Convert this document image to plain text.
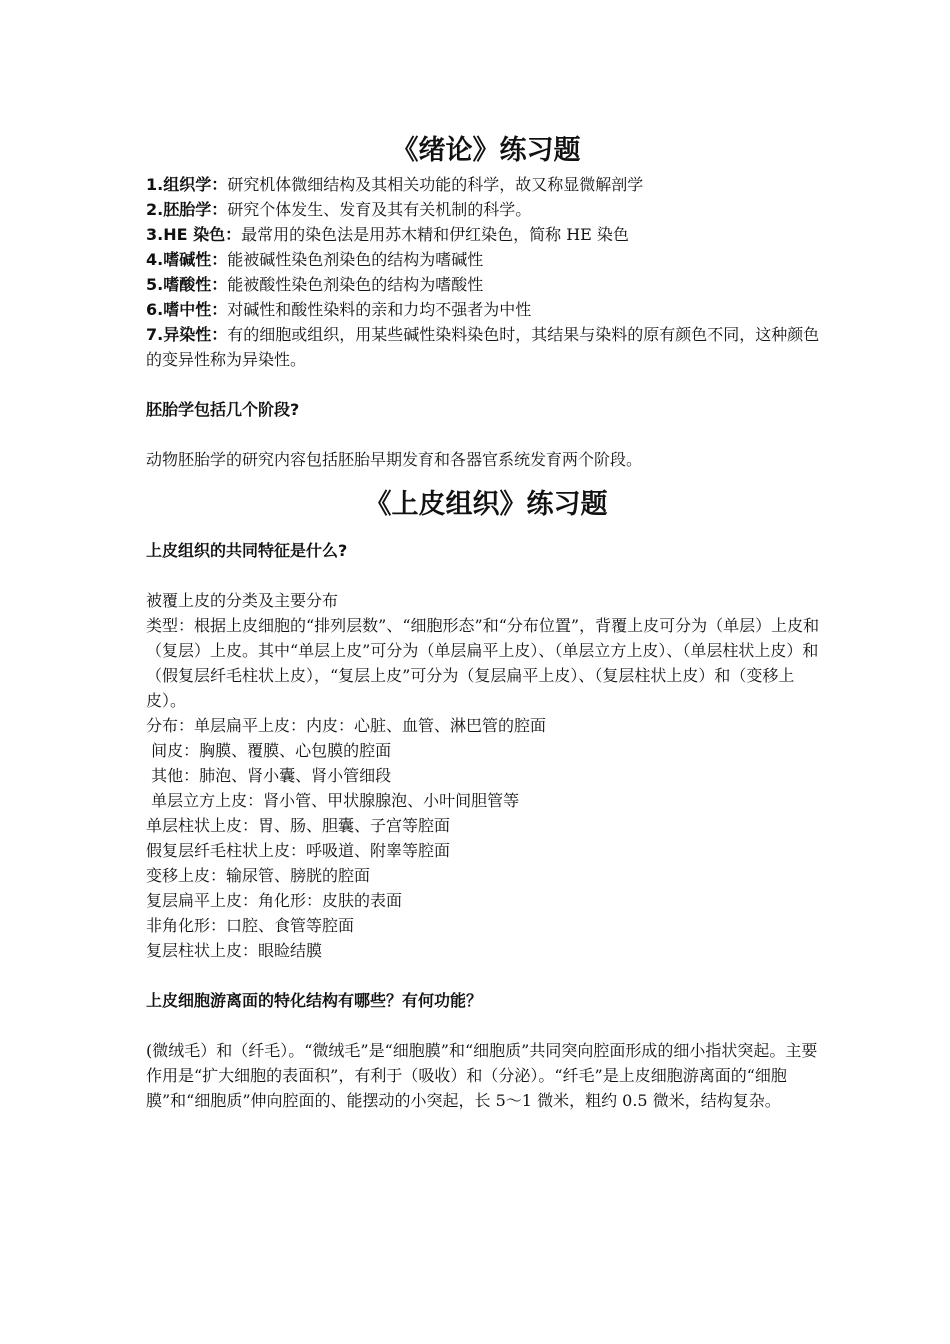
《绪论》练习题

1.组织学：研究机体微细结构及其相关功能的科学，故又称显微解剖学

2.胚胎学：研究个体发生、发育及其有关机制的科学。

3.HE 染色：最常用的染色法是用苏木精和伊红染色，简称 HE 染色

4.嗜碱性：能被碱性染色剂染色的结构为嗜碱性

5.嗜酸性：能被酸性染色剂染色的结构为嗜酸性

6.嗜中性：对碱性和酸性染料的亲和力均不强者为中性

7.异染性：有的细胞或组织，用某些碱性染料染色时，其结果与染料的原有颜色不同，这种颜色的变异性称为异染性。

胚胎学包括几个阶段?

动物胚胎学的研究内容包括胚胎早期发育和各器官系统发育两个阶段。

《上皮组织》练习题

上皮组织的共同特征是什么?

被覆上皮的分类及主要分布

类型：根据上皮细胞的“排列层数”、“细胞形态”和“分布位置”，背覆上皮可分为（单层）上皮和（复层）上皮。其中“单层上皮”可分为（单层扁平上皮）、（单层立方上皮）、（单层柱状上皮）和（假复层纤毛柱状上皮），“复层上皮”可分为（复层扁平上皮）、（复层柱状上皮）和（变移上皮）。

分布：单层扁平上皮：内皮：心脏、血管、淋巴管的腔面

间皮：胸膜、覆膜、心包膜的腔面

其他：肺泡、肾小囊、肾小管细段

单层立方上皮：肾小管、甲状腺腺泡、小叶间胆管等

单层柱状上皮：胃、肠、胆囊、子宫等腔面

假复层纤毛柱状上皮：呼吸道、附睾等腔面

变移上皮：输尿管、膀胱的腔面

复层扁平上皮：角化形：皮肤的表面

非角化形：口腔、食管等腔面

复层柱状上皮：眼睑结膜

上皮细胞游离面的特化结构有哪些？有何功能？

(微绒毛）和（纤毛）。“微绒毛”是“细胞膜”和“细胞质”共同突向腔面形成的细小指状突起。主要作用是“扩大细胞的表面积”，有利于（吸收）和（分泌）。“纤毛”是上皮细胞游离面的“细胞膜”和“细胞质”伸向腔面的、能摆动的小突起，长 5～1 微米，粗约 0.5 微米，结构复杂。
